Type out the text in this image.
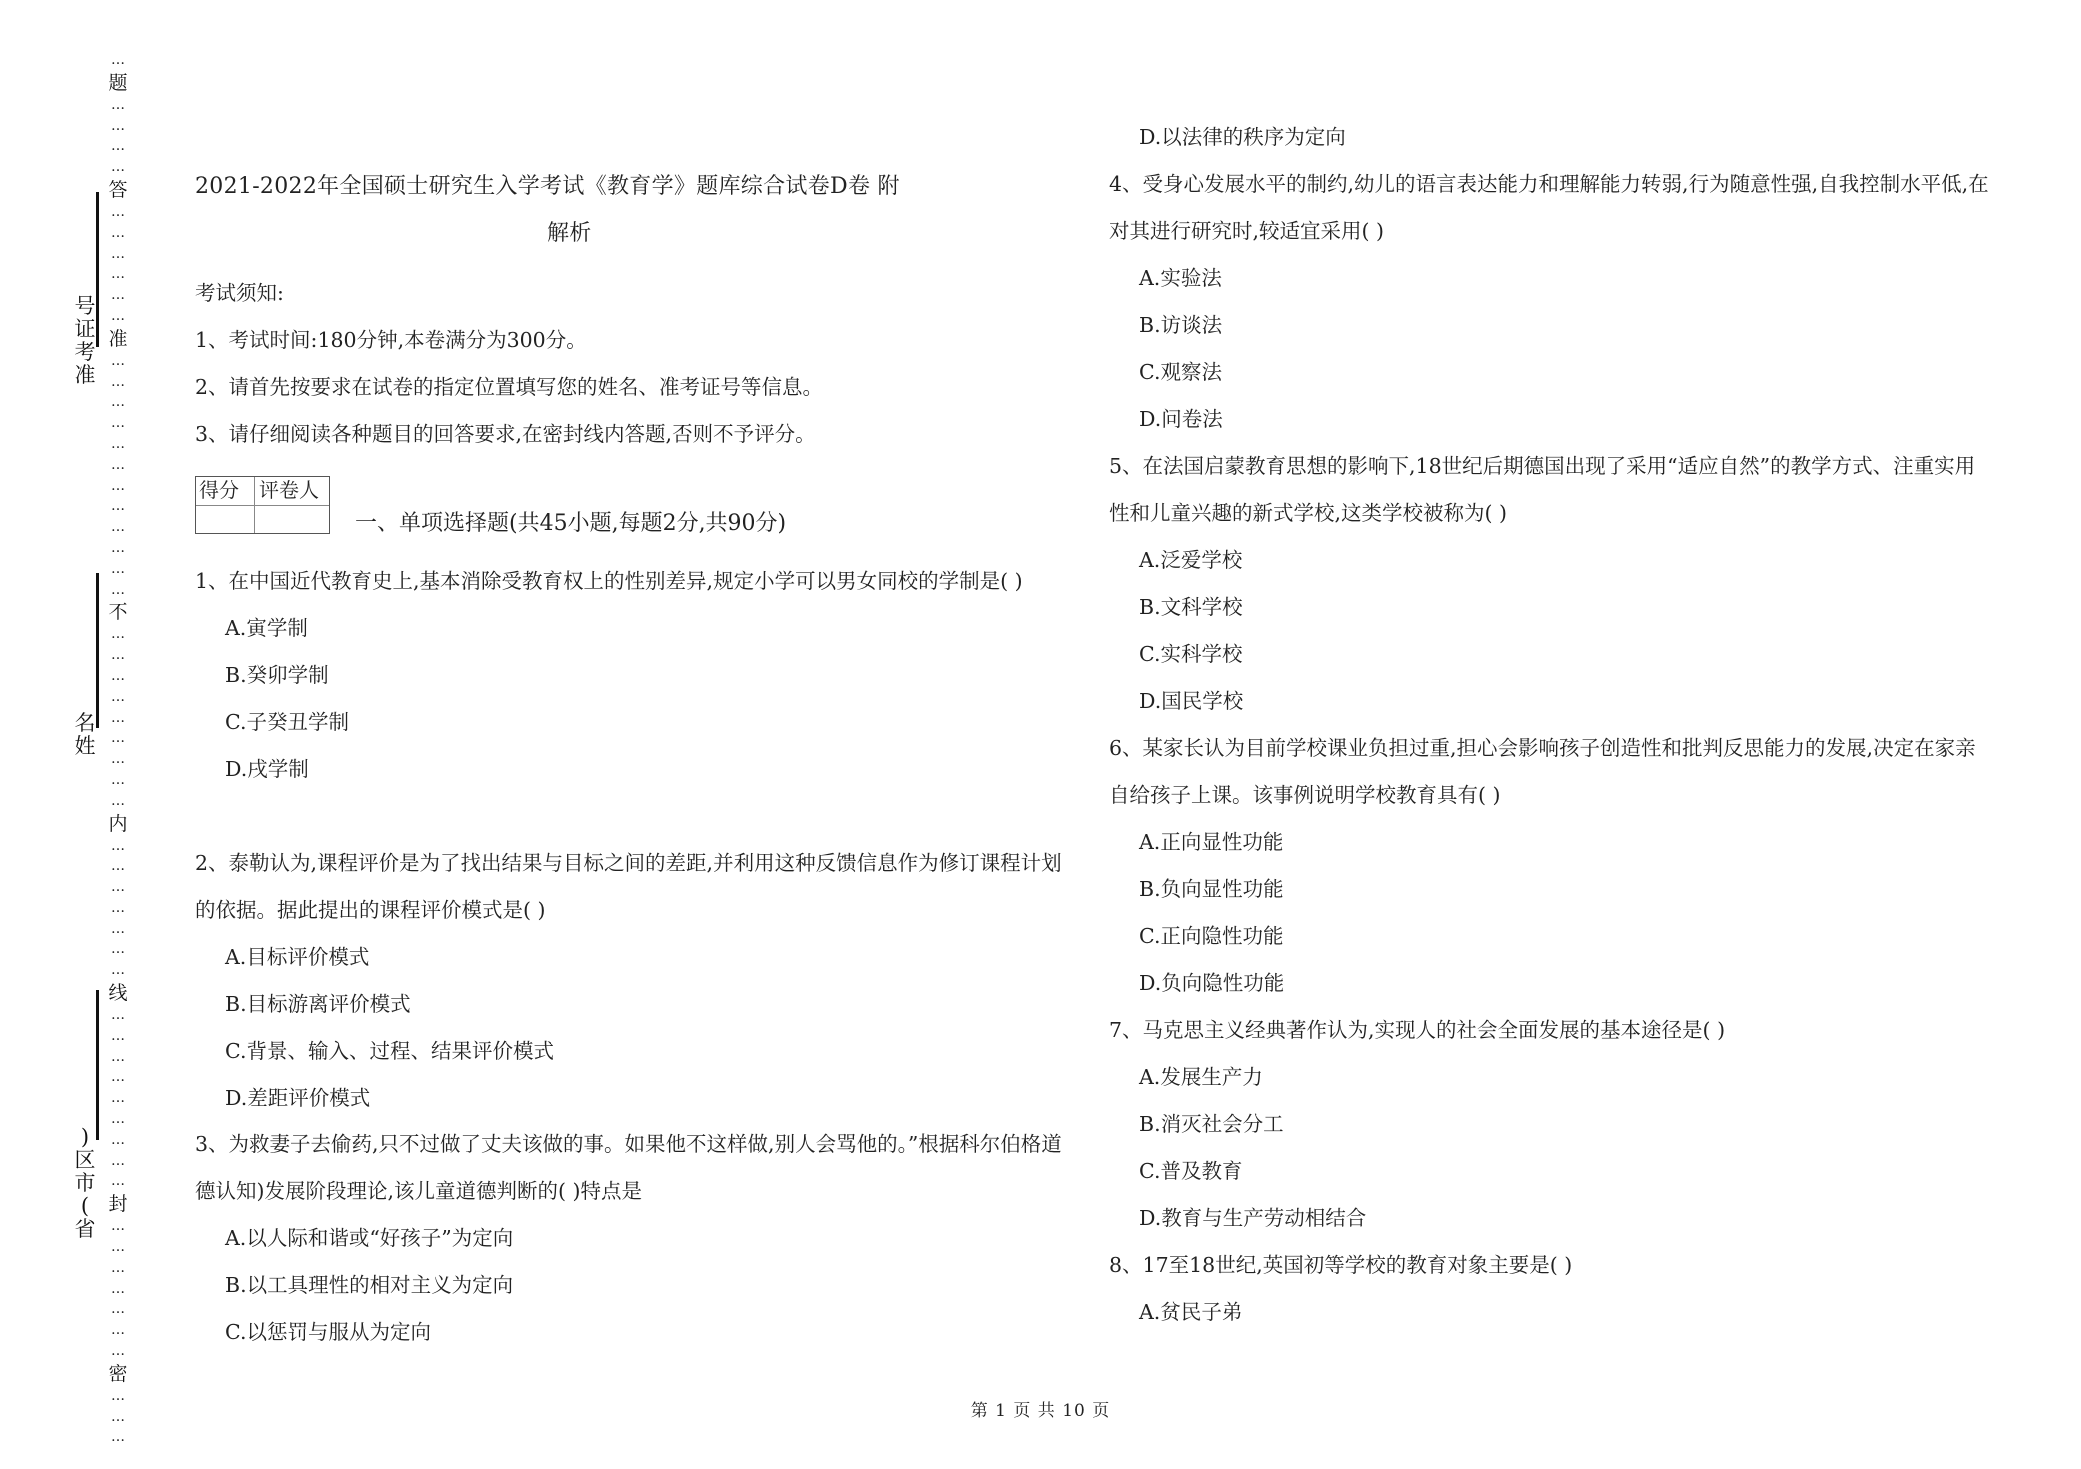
…
题
…
…
…
…
答
…
…
…
…
…
…
准
…
…
…
…
…
…
…
…
…
…
…
…
不
…
…
…
…
…
…
…
…
…
内
…
…
…
…
…
…
…
线
…
…
…
…
…
…
…
…
…
封
…
…
…
…
…
…
…
密
…
…
…
号
证
考
准
名
姓
)
区
市
(
省
2021-2022年全国硕士研究生入学考试《教育学》题库综合试卷D卷 附
解析
考试须知:
1、考试时间:180分钟,本卷满分为300分。
2、请首先按要求在试卷的指定位置填写您的姓名、准考证号等信息。
3、请仔细阅读各种题目的回答要求,在密封线内答题,否则不予评分。
得分	评卷人
一、单项选择题(共45小题,每题2分,共90分)
1、在中国近代教育史上,基本消除受教育权上的性别差异,规定小学可以男女同校的学制是( )
A.寅学制
B.癸卯学制
C.子癸丑学制
D.戌学制
2、泰勒认为,课程评价是为了找出结果与目标之间的差距,并利用这种反馈信息作为修订课程计划的依据。据此提出的课程评价模式是( )
A.目标评价模式
B.目标游离评价模式
C.背景、输入、过程、结果评价模式
D.差距评价模式
3、为救妻子去偷药,只不过做了丈夫该做的事。如果他不这样做,别人会骂他的。”根据科尔伯格道德认知)发展阶段理论,该儿童道德判断的( )特点是
A.以人际和谐或“好孩子”为定向
B.以工具理性的相对主义为定向
C.以惩罚与服从为定向
D.以法律的秩序为定向
4、受身心发展水平的制约,幼儿的语言表达能力和理解能力转弱,行为随意性强,自我控制水平低,在对其进行研究时,较适宜采用( )
A.实验法
B.访谈法
C.观察法
D.问卷法
5、在法国启蒙教育思想的影响下,18世纪后期德国出现了采用“适应自然”的教学方式、注重实用性和儿童兴趣的新式学校,这类学校被称为( )
A.泛爱学校
B.文科学校
C.实科学校
D.国民学校
6、某家长认为目前学校课业负担过重,担心会影响孩子创造性和批判反思能力的发展,决定在家亲自给孩子上课。该事例说明学校教育具有( )
A.正向显性功能
B.负向显性功能
C.正向隐性功能
D.负向隐性功能
7、马克思主义经典著作认为,实现人的社会全面发展的基本途径是( )
A.发展生产力
B.消灭社会分工
C.普及教育
D.教育与生产劳动相结合
8、17至18世纪,英国初等学校的教育对象主要是( )
A.贫民子弟
第 1 页 共 10 页
